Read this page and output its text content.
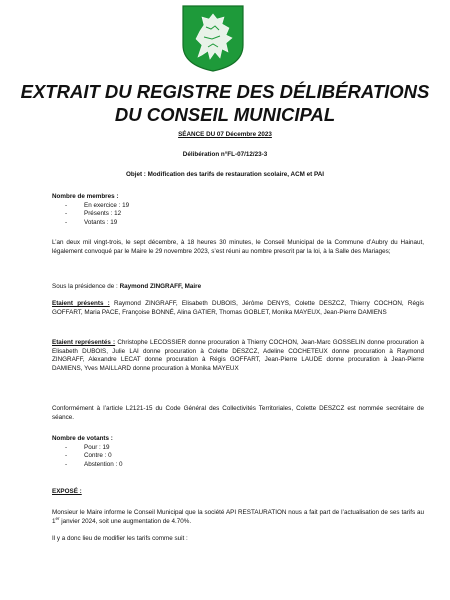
EXTRAIT DU REGISTRE DES DÉLIBÉRATIONS
DU CONSEIL MUNICIPAL
SÉANCE DU 07 Décembre 2023
Délibération n°FL-07/12/23-3
Objet : Modification des tarifs de restauration scolaire, ACM et PAI

Nombre de membres :

- En exercice : 19
- Présents : 12
- Votants : 19

L’an deux mil vingt-trois, le sept décembre, à 18 heures 30 minutes, le Conseil Municipal de la Commune d’Aubry du Hainaut, légalement convoqué par le Maire le 29 novembre 2023, s’est réuni au nombre prescrit par la loi, à la Salle des Mariages;

Sous la présidence de : Raymond ZINGRAFF, Maire

Etaient présents : Raymond ZINGRAFF, Elisabeth DUBOIS, Jérôme DENYS, Colette DESZCZ, Thierry COCHON, Régis GOFFART, Maria PACE, Françoise BONNÉ, Alina GATIER, Thomas GOBLET, Monika MAYEUX, Jean-Pierre DAMIENS

Etaient représentés : Christophe LECOSSIER donne procuration à Thierry COCHON, Jean-Marc GOSSELIN donne procuration à Elisabeth DUBOIS, Julie LAI donne procuration à Colette DESZCZ, Adeline COCHETEUX donne procuration à Raymond ZINGRAFF, Alexandre LECAT donne procuration à Régis GOFFART, Jean-Pierre LAUDE donne procuration à Jean-Pierre DAMIENS, Yves MAILLARD donne procuration à Monika MAYEUX

Conformément à l’article L2121-15 du Code Général des Collectivités Territoriales, Colette DESZCZ est nommée secrétaire de séance.

Nombre de votants :

- Pour : 19
- Contre : 0
- Abstention : 0

EXPOSÉ :

Monsieur le Maire informe le Conseil Municipal que la société API RESTAURATION nous a fait part de l’actualisation de ses tarifs au 1er janvier 2024, soit une augmentation de 4.70%.

Il y a donc lieu de modifier les tarifs comme suit :
